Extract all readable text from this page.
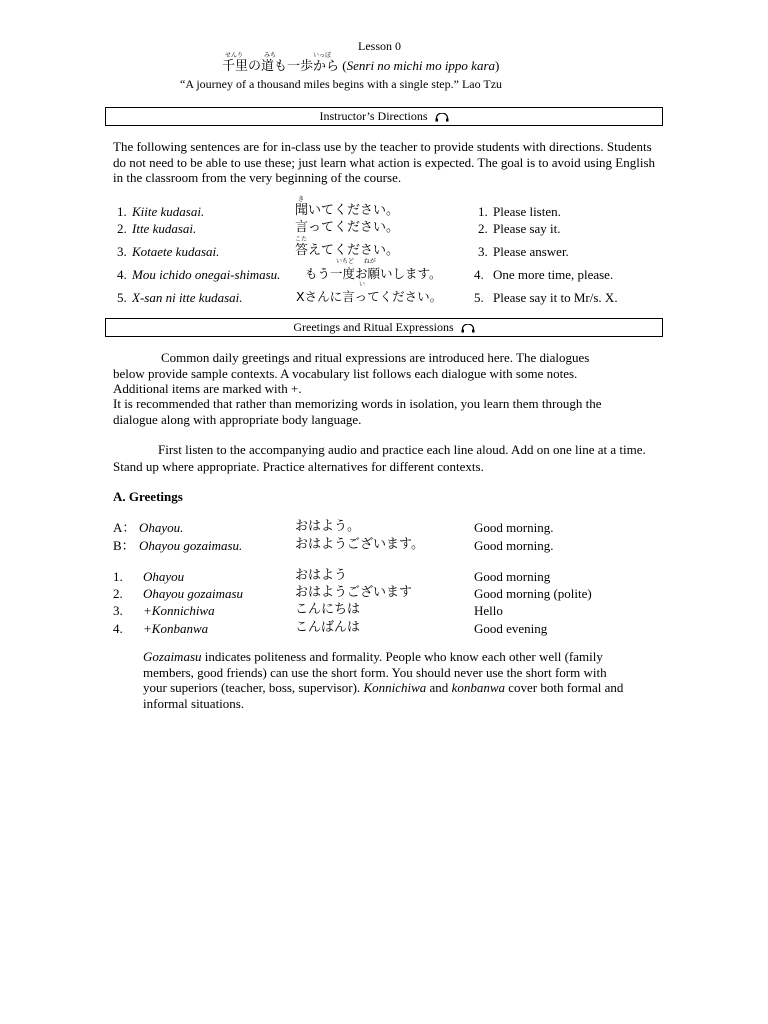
Lesson 0
せんり	みち	いっぽ
千里の道も一歩から (Senri no michi mo ippo kara)
“A journey of a thousand miles begins with a single step.” Lao Tzu
Instructor’s Directions
The following sentences are for in-class use by the teacher to provide students with directions. Students do not need to be able to use these; just learn what action is expected. The goal is to avoid using English in the classroom from the very beginning of the course.
き
1. Kiite kudasai.	聞いてください。	1. Please listen.
2. Itte kudasai.	言ってください。	2. Please say it.
こた
3. Kotaete kudasai.	答えてください。	3. Please answer.
いちど ねが
4. Mou ichido onegai-shimasu. もう一度お願いします。 4. One more time, please.
い
5. X-san ni itte kudasai.	Xさんに言ってください。 5. Please say it to Mr/s. X.
Greetings and Ritual Expressions
Common daily greetings and ritual expressions are introduced here. The dialogues below provide sample contexts. A vocabulary list follows each dialogue with some notes. Additional items are marked with +.
It is recommended that rather than memorizing words in isolation, you learn them through the dialogue along with appropriate body language.
First listen to the accompanying audio and practice each line aloud. Add on one line at a time. Stand up where appropriate. Practice alternatives for different contexts.
A. Greetings
A： Ohayou.	おはよう。	Good morning.
B： Ohayou gozaimasu.	おはようございます。	Good morning.
1. Ohayou	おはよう	Good morning
2. Ohayou gozaimasu	おはようございます	Good morning (polite)
3. +Konnichiwa	こんにちは	Hello
4. +Konbanwa	こんばんは	Good evening
Gozaimasu indicates politeness and formality. People who know each other well (family members, good friends) can use the short form. You should never use the short form with your superiors (teacher, boss, supervisor). Konnichiwa and konbanwa cover both formal and informal situations.
